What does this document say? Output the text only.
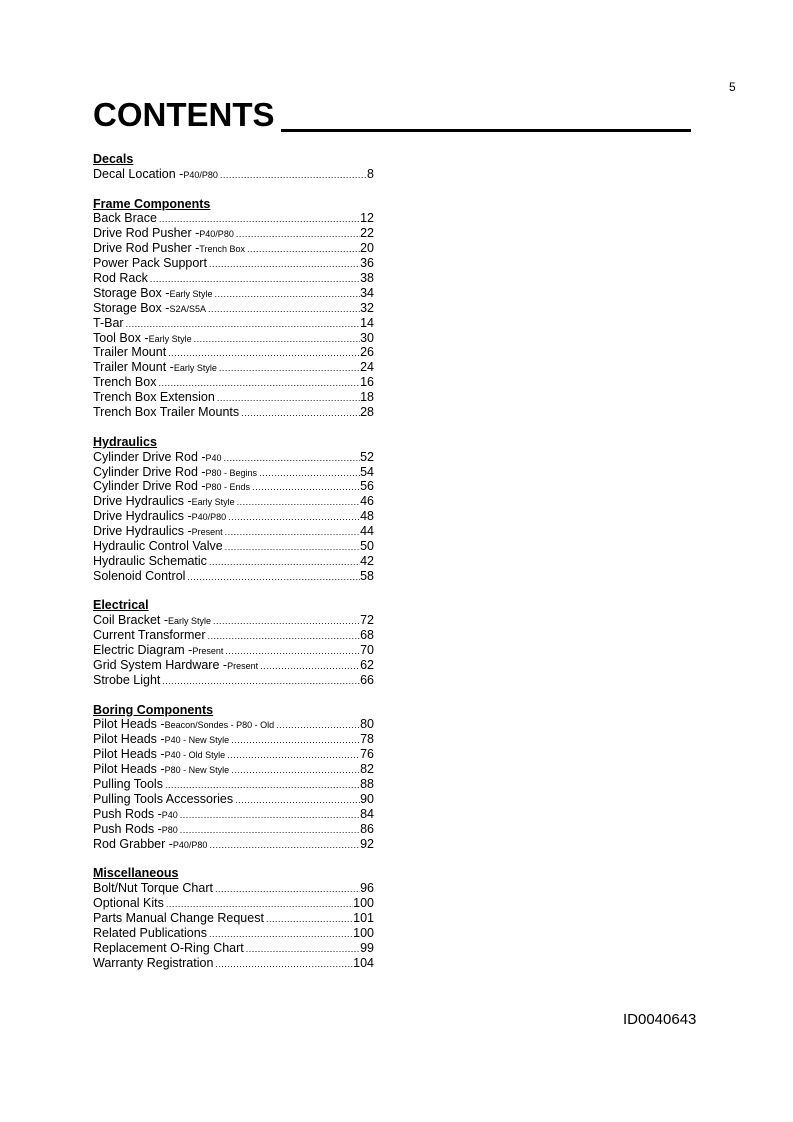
5
CONTENTS
Decals
Decal Location - P40/P80 .....	8
Frame Components
Back Brace .....	12
Drive Rod Pusher - P40/P80 .....	22
Drive Rod Pusher - Trench Box .....	20
Power Pack Support .....	36
Rod Rack .....	38
Storage Box - Early Style .....	34
Storage Box - S2A/S5A .....	32
T-Bar .....	14
Tool Box - Early Style .....	30
Trailer Mount .....	26
Trailer Mount - Early Style .....	24
Trench Box .....	16
Trench Box Extension .....	18
Trench Box Trailer Mounts .....	28
Hydraulics
Cylinder Drive Rod - P40 .....	52
Cylinder Drive Rod - P80 - Begins .....	54
Cylinder Drive Rod - P80 - Ends .....	56
Drive Hydraulics - Early Style .....	46
Drive Hydraulics - P40/P80 .....	48
Drive Hydraulics - Present .....	44
Hydraulic Control Valve .....	50
Hydraulic Schematic .....	42
Solenoid Control .....	58
Electrical
Coil Bracket - Early Style .....	72
Current Transformer .....	68
Electric Diagram - Present .....	70
Grid System Hardware - Present .....	62
Strobe Light .....	66
Boring Components
Pilot Heads - Beacon/Sondes - P80 - Old .....	80
Pilot Heads - P40 - New Style .....	78
Pilot Heads - P40 - Old Style .....	76
Pilot Heads - P80 - New Style .....	82
Pulling Tools .....	88
Pulling Tools Accessories .....	90
Push Rods - P40 .....	84
Push Rods - P80 .....	86
Rod Grabber - P40/P80 .....	92
Miscellaneous
Bolt/Nut Torque Chart .....	96
Optional Kits .....	100
Parts Manual Change Request .....	101
Related Publications .....	100
Replacement O-Ring Chart .....	99
Warranty Registration .....	104
ID0040643
